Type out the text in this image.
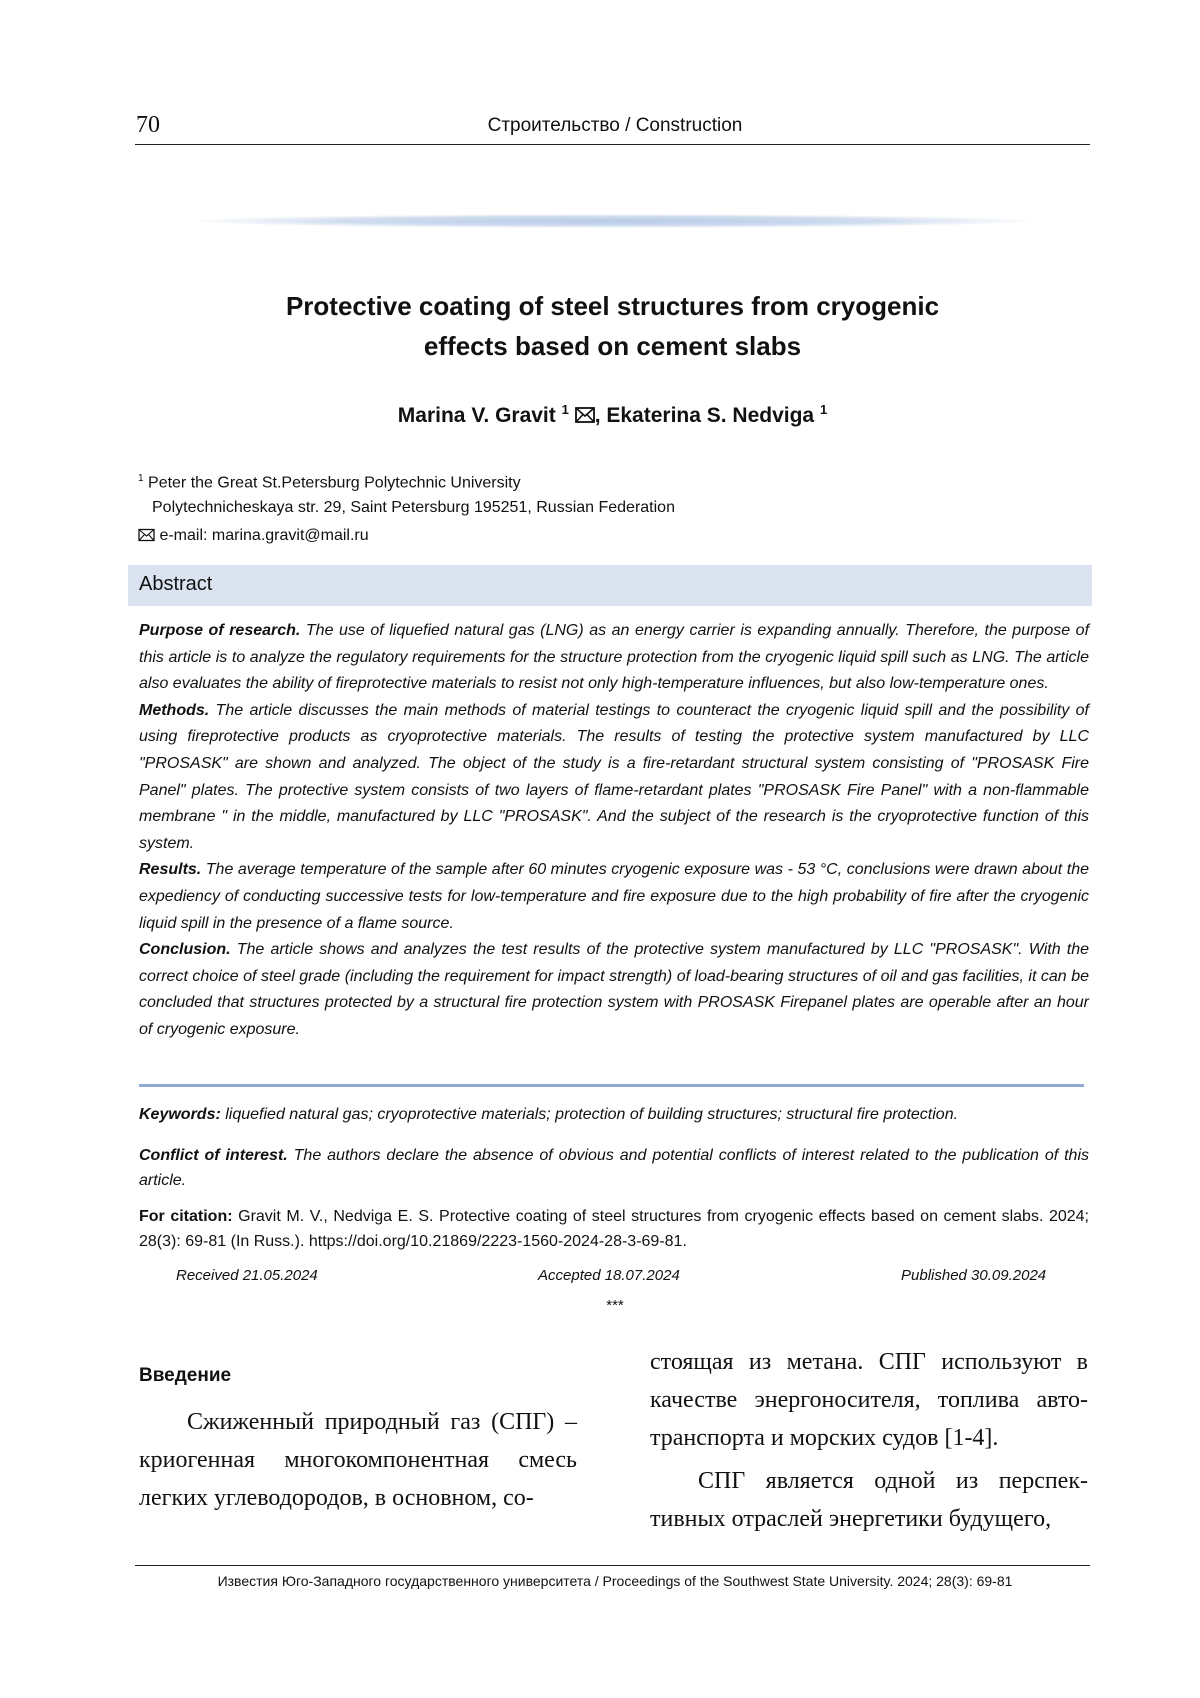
70	Строительство / Construction
Protective coating of steel structures from cryogenic
effects based on cement slabs
Marina V. Gravit $^1$ , Ekaterina S. Nedviga $^1$
$^1$ Peter the Great St.Petersburg Polytechnic University
Polytechnicheskaya str. 29, Saint Petersburg 195251, Russian Federation
e-mail: marina.gravit@mail.ru
Abstract

Purpose of research. The use of liquefied natural gas (LNG) as an energy carrier is expanding annually. Therefore, the purpose of this article is to analyze the regulatory requirements for the structure protection from the cryogenic liquid spill such as LNG. The article also evaluates the ability of fireprotective materials to resist not only high-temperature influences, but also low-temperature ones.

Methods. The article discusses the main methods of material testings to counteract the cryogenic liquid spill and the possibility of using fireprotective products as cryoprotective materials. The results of testing the protective system manufactured by LLC "PROSASK" are shown and analyzed. The object of the study is a fire-retardant structural system consisting of "PROSASK Fire Panel" plates. The protective system consists of two layers of flame-retardant plates "PROSASK Fire Panel" with a non-flammable membrane " in the middle, manufactured by LLC "PROSASK". And the subject of the research is the cryoprotective function of this system.

Results. The average temperature of the sample after 60 minutes cryogenic exposure was - 53 °C, conclusions were drawn about the expediency of conducting successive tests for low-temperature and fire exposure due to the high probability of fire after the cryogenic liquid spill in the presence of a flame source.

Conclusion. The article shows and analyzes the test results of the protective system manufactured by LLC "PROSASK". With the correct choice of steel grade (including the requirement for impact strength) of load-bearing structures of oil and gas facilities, it can be concluded that structures protected by a structural fire protection system with PROSASK Firepanel plates are operable after an hour of cryogenic exposure.

Keywords: liquefied natural gas; cryoprotective materials; protection of building structures; structural fire protection.
Conflict of interest. The authors declare the absence of obvious and potential conflicts of interest related to the publication of this article.
For citation: Gravit M. V., Nedviga E. S. Protective coating of steel structures from cryogenic effects based on cement slabs. 2024; 28(3): 69-81 (In Russ.). https://doi.org/10.21869/2223-1560-2024-28-3-69-81.
Received 21.05.2024	Accepted 18.07.2024	Published 30.09.2024
***
Введение

Сжиженный природный газ (СПГ) – криогенная многокомпонентная смесь легких углеводородов, в основном, со-

стоящая из метана. СПГ используют в качестве энергоносителя, топлива авто-транспорта и морских судов [1-4].

СПГ является одной из перспек-тивных отраслей энергетики будущего,

Известия Юго-Западного государственного университета / Proceedings of the Southwest State University. 2024; 28(3): 69-81
